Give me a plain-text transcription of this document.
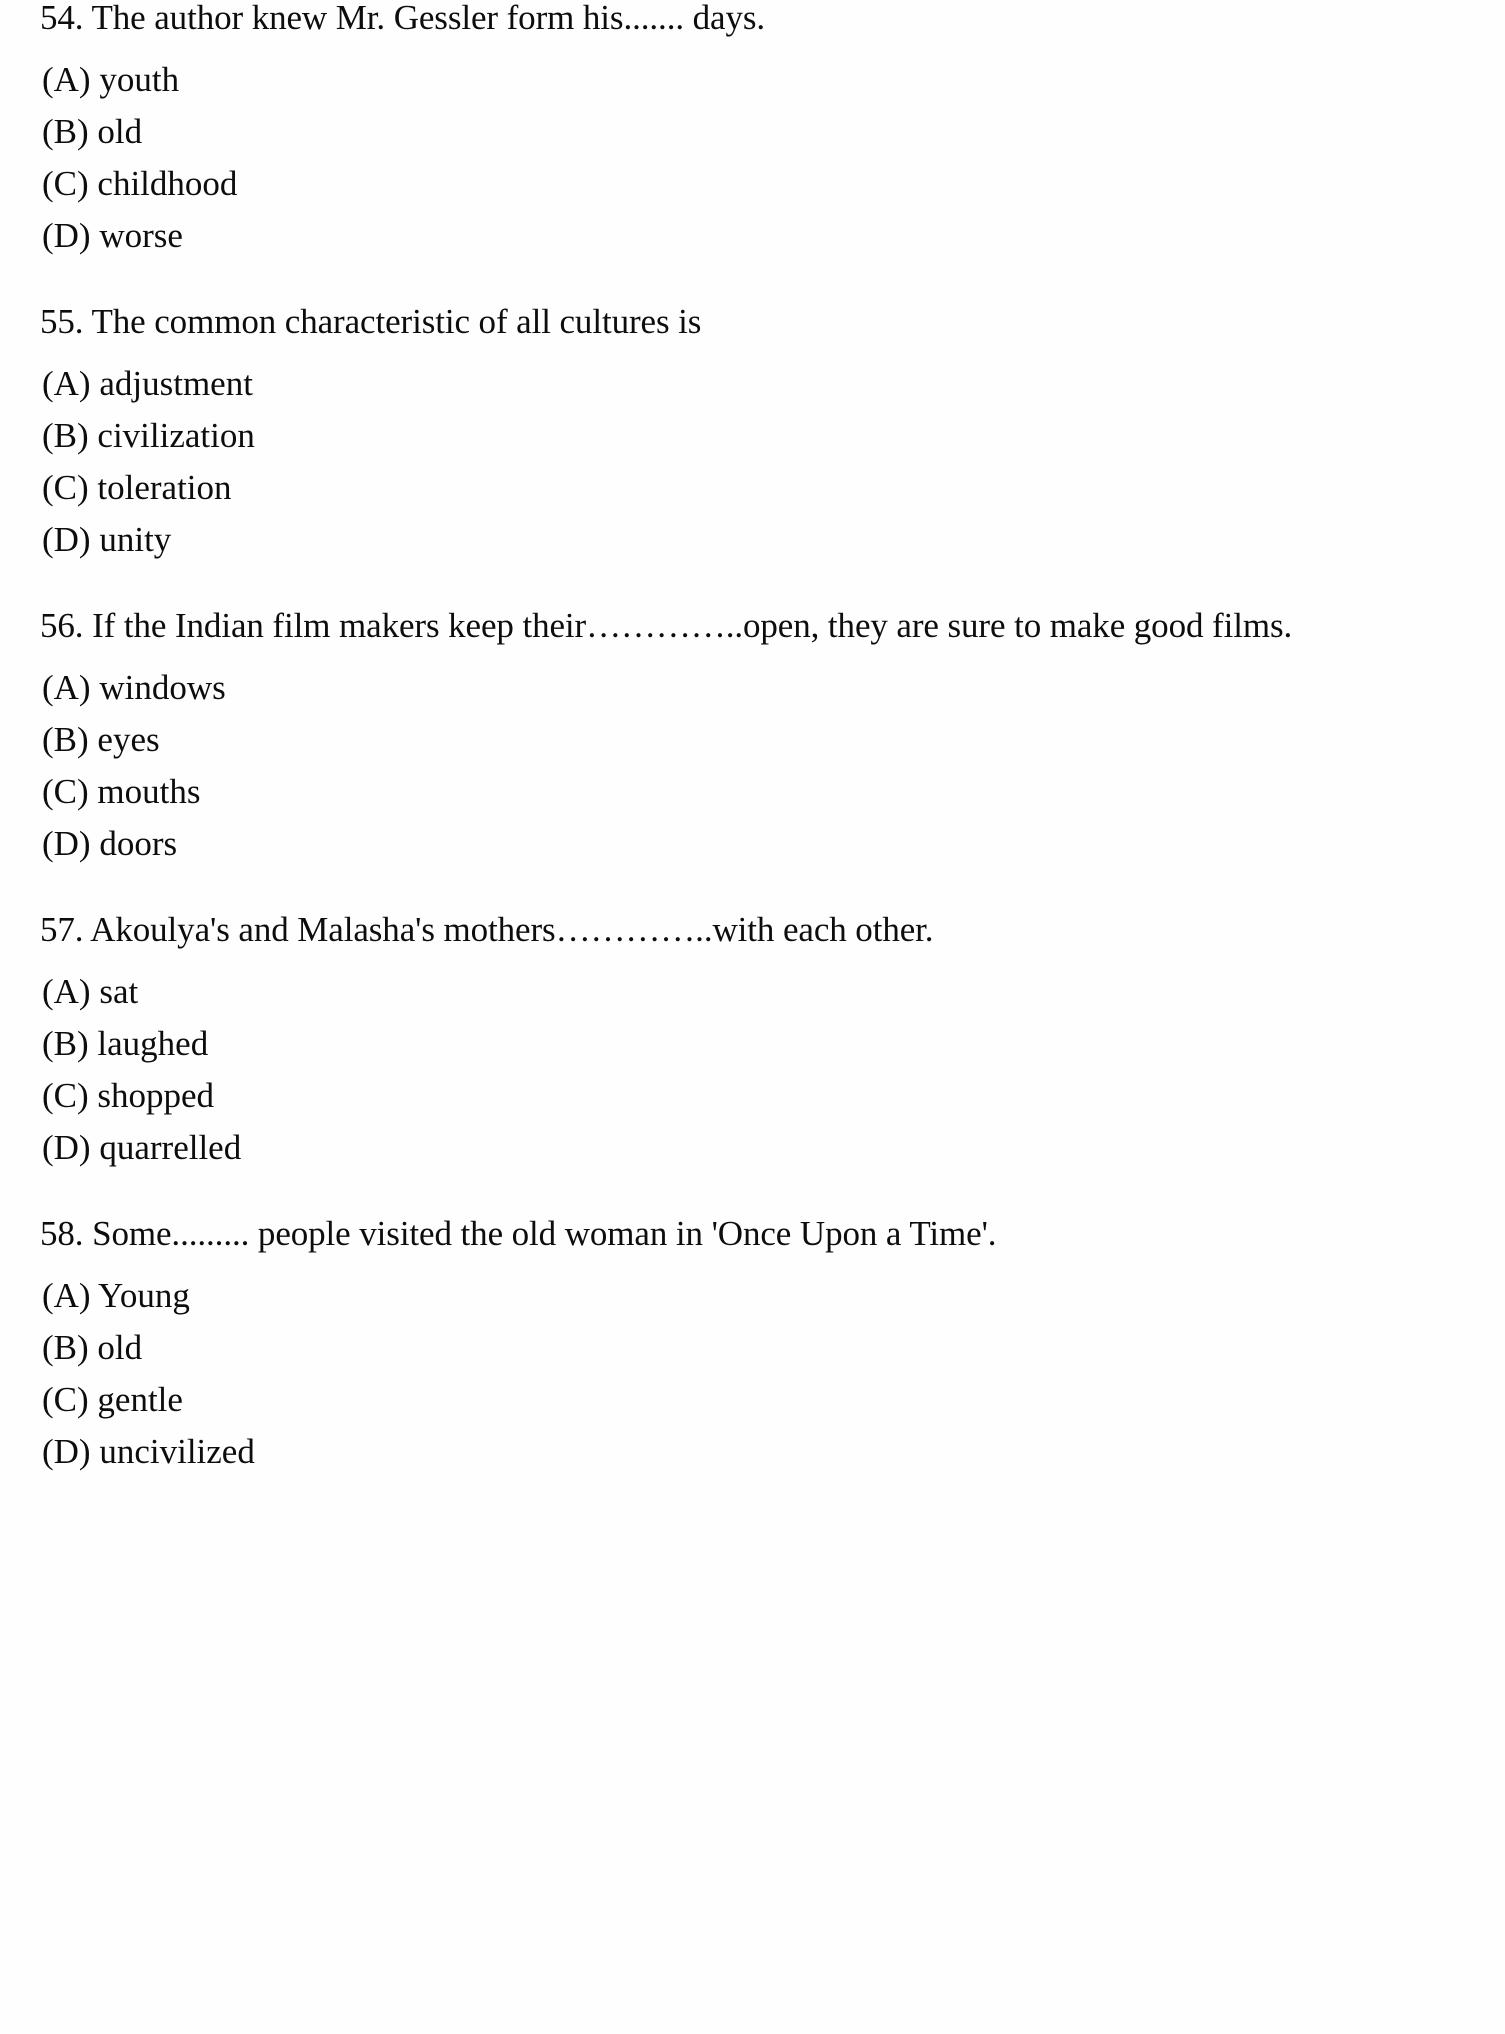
54. The author knew Mr. Gessler form his....... days.

(A) youth

(B) old

(C) childhood

(D) worse

55. The common characteristic of all cultures is

(A) adjustment

(B) civilization

(C) toleration

(D) unity

56. If the Indian film makers keep their…………..open, they are sure to make good films.

(A) windows

(B) eyes

(C) mouths

(D) doors

57. Akoulya's and Malasha's mothers…………..with each other.

(A) sat

(B) laughed

(C) shopped

(D) quarrelled

58. Some......... people visited the old woman in 'Once Upon a Time'.

(A) Young

(B) old

(C) gentle

(D) uncivilized
